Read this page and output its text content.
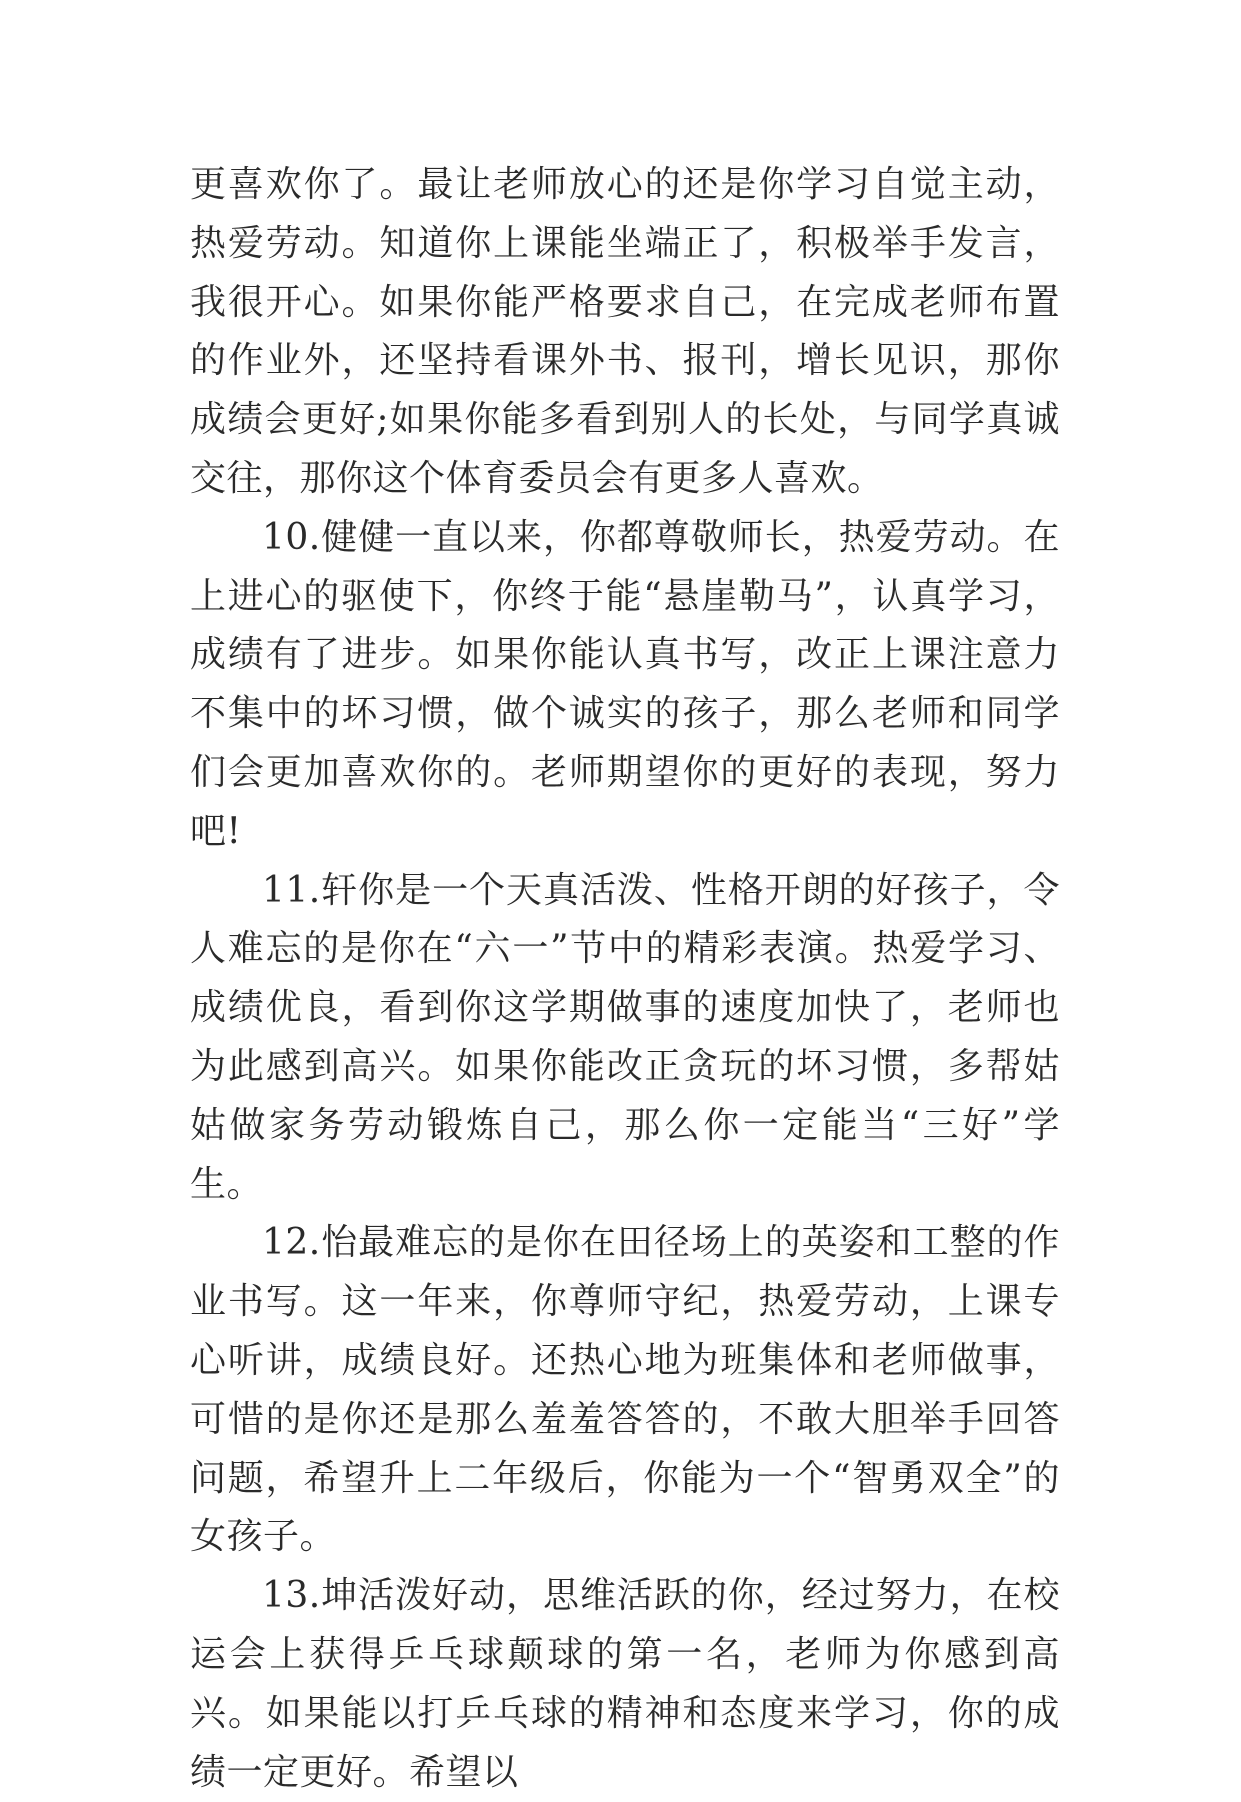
更喜欢你了。最让老师放心的还是你学习自觉主动，热爱劳动。知道你上课能坐端正了，积极举手发言，我很开心。如果你能严格要求自己，在完成老师布置的作业外，还坚持看课外书、报刊，增长见识，那你成绩会更好;如果你能多看到别人的长处，与同学真诚交往，那你这个体育委员会有更多人喜欢。

10.健健一直以来，你都尊敬师长，热爱劳动。在上进心的驱使下，你终于能“悬崖勒马”，认真学习，成绩有了进步。如果你能认真书写，改正上课注意力不集中的坏习惯，做个诚实的孩子，那么老师和同学们会更加喜欢你的。老师期望你的更好的表现，努力吧!

11.轩你是一个天真活泼、性格开朗的好孩子，令人难忘的是你在“六一”节中的精彩表演。热爱学习、成绩优良，看到你这学期做事的速度加快了，老师也为此感到高兴。如果你能改正贪玩的坏习惯，多帮姑姑做家务劳动锻炼自己，那么你一定能当“三好”学生。

12.怡最难忘的是你在田径场上的英姿和工整的作业书写。这一年来，你尊师守纪，热爱劳动，上课专心听讲，成绩良好。还热心地为班集体和老师做事，可惜的是你还是那么羞羞答答的，不敢大胆举手回答问题，希望升上二年级后，你能为一个“智勇双全”的女孩子。

13.坤活泼好动，思维活跃的你，经过努力，在校运会上获得乒乓球颠球的第一名，老师为你感到高兴。如果能以打乒乓球的精神和态度来学习，你的成绩一定更好。希望以
